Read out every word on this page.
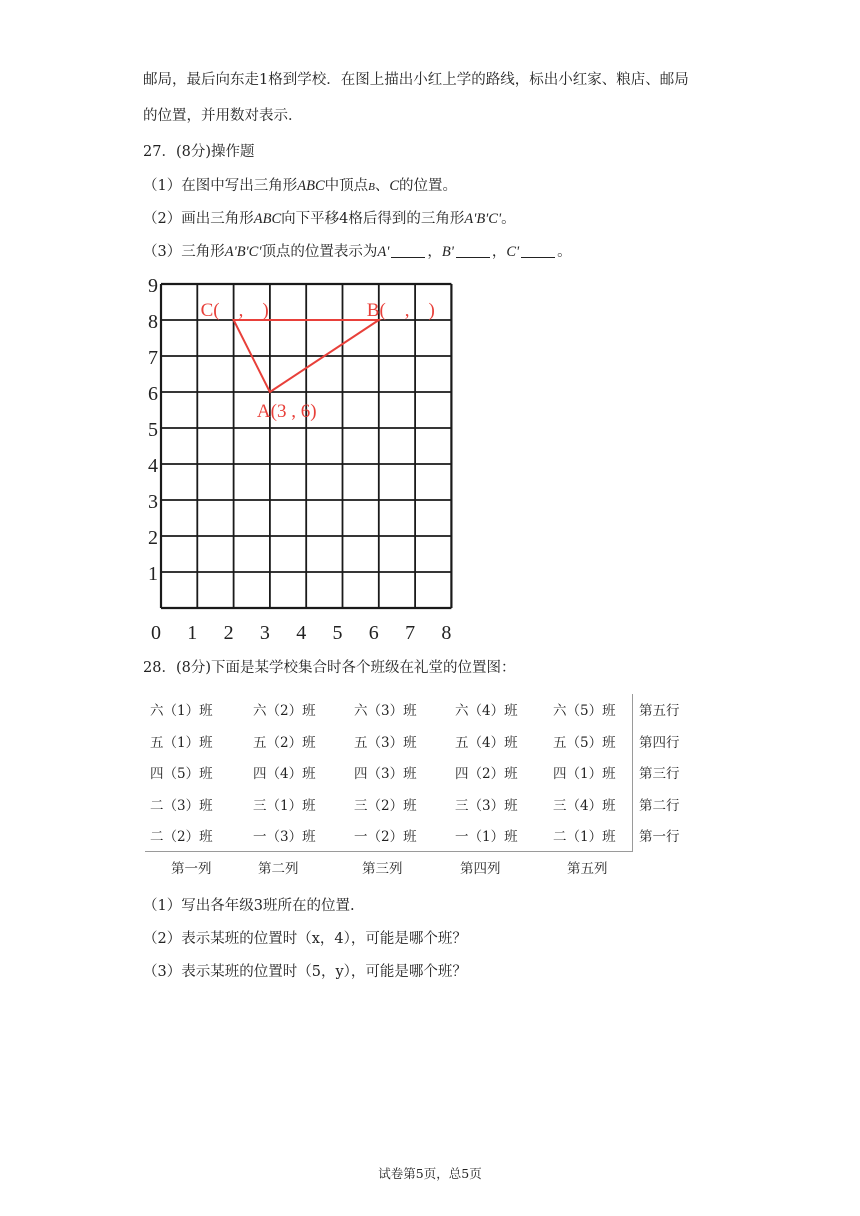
邮局，最后向东走1格到学校．在图上描出小红上学的路线，标出小红家、粮店、邮局
的位置，并用数对表示．
27．(8分)操作题
（1）在图中写出三角形ABC中顶点B、C的位置。
（2）画出三角形ABC向下平移4格后得到的三角形A'B'C'。
（3）三角形A'B'C'顶点的位置表示为A'	，B'	，C'	。
1
2
3
4
5
6
7
8
9
0 1 2 3 4 5 6 7 8
C(　,　)	B(　,　)
A(3 , 6)
28．(8分)下面是某学校集合时各个班级在礼堂的位置图：
六（1）班	六（2）班	六（3）班	六（4）班	六（5）班 第五行
五（1）班	五（2）班	五（3）班	五（4）班	五（5）班 第四行
四（5）班	四（4）班	四（3）班	四（2）班	四（1）班 第三行
二（3）班	三（1）班	三（2）班	三（3）班	三（4）班 第二行
二（2）班	一（3）班	一（2）班	一（1）班	二（1）班 第一行
第一列	第二列	第三列	第四列	第五列
（1）写出各年级3班所在的位置.
（2）表示某班的位置时（x，4），可能是哪个班？
（3）表示某班的位置时（5，y），可能是哪个班？
试卷第5页，总5页
